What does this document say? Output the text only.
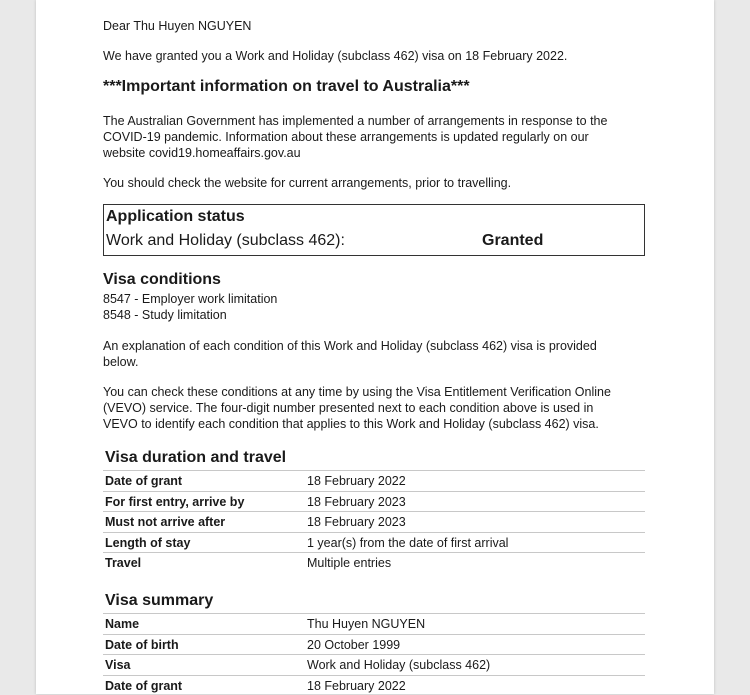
Dear Thu Huyen NGUYEN
We have granted you a Work and Holiday (subclass 462) visa on 18 February 2022.
***Important information on travel to Australia***
The Australian Government has implemented a number of arrangements in response to the
COVID-19 pandemic. Information about these arrangements is updated regularly on our
website covid19.homeaffairs.gov.au
You should check the website for current arrangements, prior to travelling.
Application status
Work and Holiday (subclass 462):	Granted
Visa conditions
8547 - Employer work limitation
8548 - Study limitation
An explanation of each condition of this Work and Holiday (subclass 462) visa is provided
below.
You can check these conditions at any time by using the Visa Entitlement Verification Online
(VEVO) service. The four-digit number presented next to each condition above is used in
VEVO to identify each condition that applies to this Work and Holiday (subclass 462) visa.
Visa duration and travel
Date of grant	18 February 2022
For first entry, arrive by	18 February 2023
Must not arrive after	18 February 2023
Length of stay	1 year(s) from the date of first arrival
Travel	Multiple entries
Visa summary
Name	Thu Huyen NGUYEN
Date of birth	20 October 1999
Visa	Work and Holiday (subclass 462)
Date of grant	18 February 2022
